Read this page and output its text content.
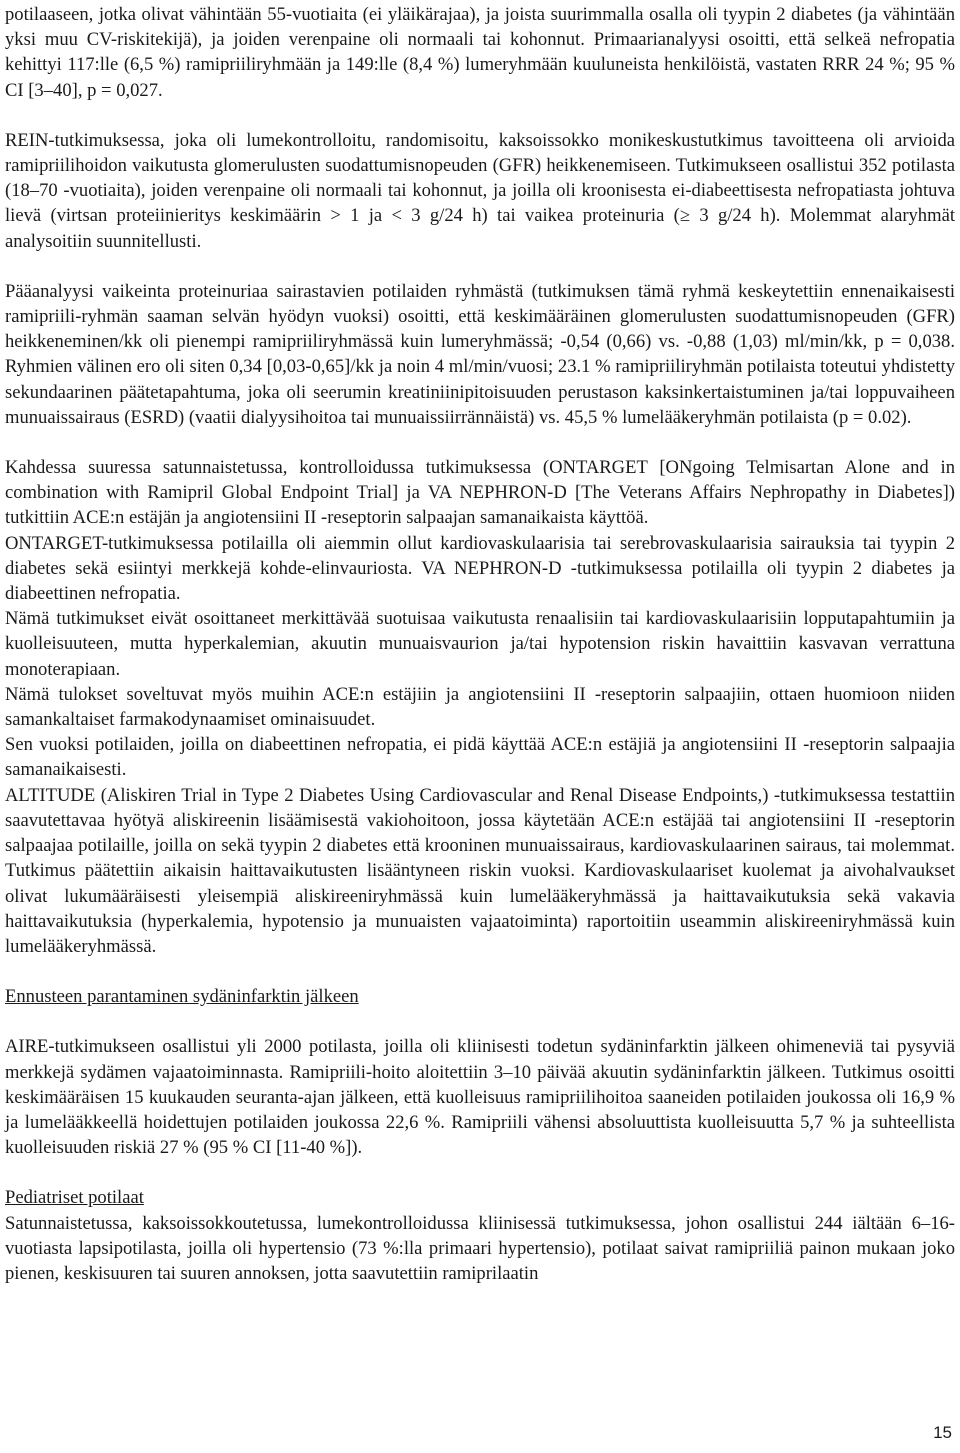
potilaaseen, jotka olivat vähintään 55-vuotiaita (ei yläikärajaa), ja joista suurimmalla osalla oli tyypin 2 diabetes (ja vähintään yksi muu CV-riskitekijä), ja joiden verenpaine oli normaali tai kohonnut. Primaarianalyysi osoitti, että selkeä nefropatia kehittyi 117:lle (6,5 %) ramipriiliryhmään ja 149:lle (8,4 %) lumeryhmään kuuluneista henkilöistä, vastaten RRR 24 %; 95 % CI [3–40], p = 0,027.

REIN-tutkimuksessa, joka oli lumekontrolloitu, randomisoitu, kaksoissokko monikeskustutkimus tavoitteena oli arvioida ramipriilihoidon vaikutusta glomerulusten suodattumisnopeuden (GFR) heikkenemiseen. Tutkimukseen osallistui 352 potilasta (18–70 -vuotiaita), joiden verenpaine oli normaali tai kohonnut, ja joilla oli kroonisesta ei-diabeettisesta nefropatiasta johtuva lievä (virtsan proteiinieritys keskimäärin > 1 ja < 3 g/24 h) tai vaikea proteinuria (≥ 3 g/24 h). Molemmat alaryhmät analysoitiin suunnitellusti.

Pääanalyysi vaikeinta proteinuriaa sairastavien potilaiden ryhmästä (tutkimuksen tämä ryhmä keskeytettiin ennenaikaisesti ramipriili-ryhmän saaman selvän hyödyn vuoksi) osoitti, että keskimääräinen glomerulusten suodattumisnopeuden (GFR) heikkeneminen/kk oli pienempi ramipriiliryhmässä kuin lumeryhmässä; -0,54 (0,66) vs. -0,88 (1,03) ml/min/kk, p = 0,038. Ryhmien välinen ero oli siten 0,34 [0,03-0,65]/kk ja noin 4 ml/min/vuosi; 23.1 % ramipriiliryhmän potilaista toteutui yhdistetty sekundaarinen päätetapahtuma, joka oli seerumin kreatiniinipitoisuuden perustason kaksinkertaistuminen ja/tai loppuvaiheen munuaissairaus (ESRD) (vaatii dialyysihoitoa tai munuaissiirrännäistä) vs. 45,5 % lumelääkeryhmän potilaista (p = 0.02).

Kahdessa suuressa satunnaistetussa, kontrolloidussa tutkimuksessa (ONTARGET [ONgoing Telmisartan Alone and in combination with Ramipril Global Endpoint Trial] ja VA NEPHRON-D [The Veterans Affairs Nephropathy in Diabetes]) tutkittiin ACE:n estäjän ja angiotensiini II -reseptorin salpaajan samanaikaista käyttöä.

ONTARGET-tutkimuksessa potilailla oli aiemmin ollut kardiovaskulaarisia tai serebrovaskulaarisia sairauksia tai tyypin 2 diabetes sekä esiintyi merkkejä kohde-elinvauriosta. VA NEPHRON-D -tutkimuksessa potilailla oli tyypin 2 diabetes ja diabeettinen nefropatia.

Nämä tutkimukset eivät osoittaneet merkittävää suotuisaa vaikutusta renaalisiin tai kardiovaskulaarisiin lopputapahtumiin ja kuolleisuuteen, mutta hyperkalemian, akuutin munuaisvaurion ja/tai hypotension riskin havaittiin kasvavan verrattuna monoterapiaan.

Nämä tulokset soveltuvat myös muihin ACE:n estäjiin ja angiotensiini II -reseptorin salpaajiin, ottaen huomioon niiden samankaltaiset farmakodynaamiset ominaisuudet.

Sen vuoksi potilaiden, joilla on diabeettinen nefropatia, ei pidä käyttää ACE:n estäjiä ja angiotensiini II -reseptorin salpaajia samanaikaisesti.

ALTITUDE (Aliskiren Trial in Type 2 Diabetes Using Cardiovascular and Renal Disease Endpoints,) -tutkimuksessa testattiin saavutettavaa hyötyä aliskireenin lisäämisestä vakiohoitoon, jossa käytetään ACE:n estäjää tai angiotensiini II -reseptorin salpaajaa potilaille, joilla on sekä tyypin 2 diabetes että krooninen munuaissairaus, kardiovaskulaarinen sairaus, tai molemmat. Tutkimus päätettiin aikaisin haittavaikutusten lisääntyneen riskin vuoksi. Kardiovaskulaariset kuolemat ja aivohalvaukset olivat lukumääräisesti yleisempiä aliskireeniryhmässä kuin lumelääkeryhmässä ja haittavaikutuksia sekä vakavia haittavaikutuksia (hyperkalemia, hypotensio ja munuaisten vajaatoiminta) raportoitiin useammin aliskireeniryhmässä kuin lumelääkeryhmässä.

Ennusteen parantaminen sydäninfarktin jälkeen

AIRE-tutkimukseen osallistui yli 2000 potilasta, joilla oli kliinisesti todetun sydäninfarktin jälkeen ohimeneviä tai pysyviä merkkejä sydämen vajaatoiminnasta. Ramipriili-hoito aloitettiin 3–10 päivää akuutin sydäninfarktin jälkeen. Tutkimus osoitti keskimääräisen 15 kuukauden seuranta-ajan jälkeen, että kuolleisuus ramipriilihoitoa saaneiden potilaiden joukossa oli 16,9 % ja lumelääkkeellä hoidettujen potilaiden joukossa 22,6 %. Ramipriili vähensi absoluuttista kuolleisuutta 5,7 % ja suhteellista kuolleisuuden riskiä 27 % (95 % CI [11-40 %]).

Pediatriset potilaat

Satunnaistetussa, kaksoissokkoutetussa, lumekontrolloidussa kliinisessä tutkimuksessa, johon osallistui 244 iältään 6–16-vuotiasta lapsipotilasta, joilla oli hypertensio (73 %:lla primaari hypertensio), potilaat saivat ramipriiliä painon mukaan joko pienen, keskisuuren tai suuren annoksen, jotta saavutettiin ramiprilaatin

15
